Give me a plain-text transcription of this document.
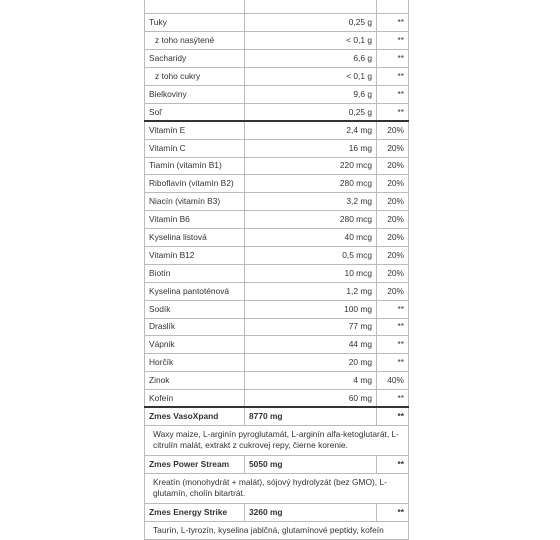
Tuky	0,25 g	**
z toho nasýtené	< 0,1 g	**
Sacharidy	6,6 g	**
z toho cukry	< 0,1 g	**
Bielkoviny	9,6 g	**
Soľ	0,25 g	**
Vitamín E	2,4 mg	20%
Vitamín C	16 mg	20%
Tiamín (vitamín B1)	220 mcg	20%
Riboflavín (vitamín B2)	280 mcg	20%
Niacín (vitamín B3)	3,2 mg	20%
Vitamín B6	280 mcg	20%
Kyselina listová	40 mcg	20%
Vitamín B12	0,5 mcg	20%
Biotín	10 mcg	20%
Kyselina pantoténová	1,2 mg	20%
Sodík	100 mg	**
Draslík	77 mg	**
Vápnik	44 mg	**
Horčík	20 mg	**
Zinok	4 mg	40%
Kofeín	60 mg	**
Zmes VasoXpand	8770 mg	**
Waxy maize, L-arginín pyroglutamát, L-arginín alfa-ketoglutarát, L-citrulín malát, extrakt z cukrovej repy, čierne korenie.		
Zmes Power Stream	5050 mg	**
Kreatín (monohydrát + malát), sójový hydrolyzát (bez GMO), L-glutamín, cholín bitartrát.		
Zmes Energy Strike	3260 mg	**
Taurín, L-tyrozín, kyselina jablčná, glutamínové peptidy, kofeín		
